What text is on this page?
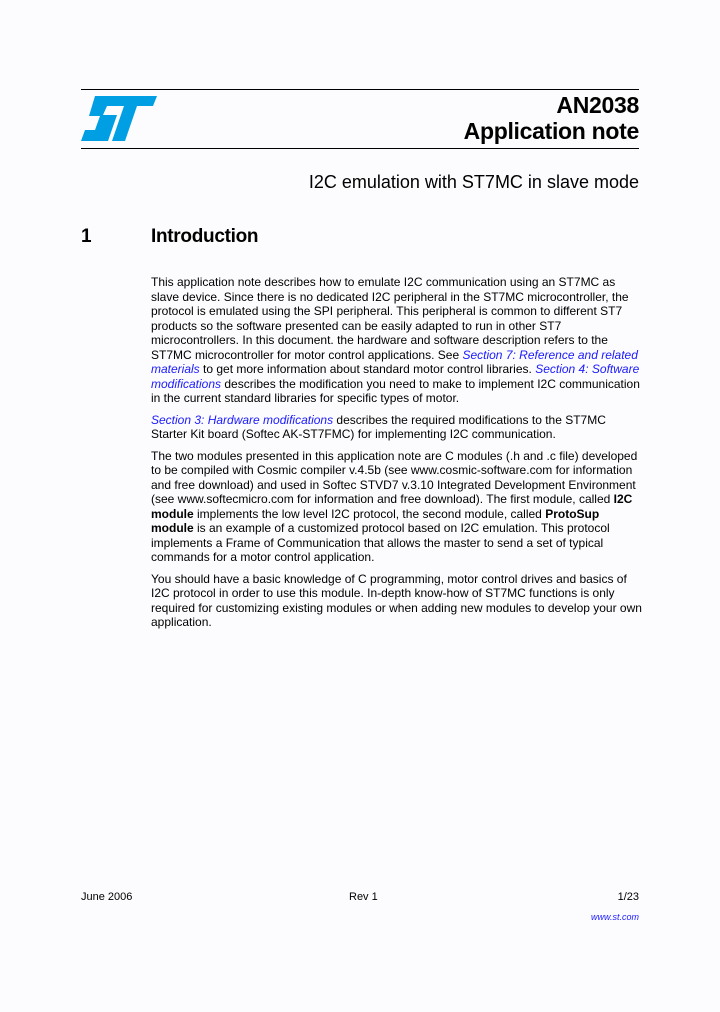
AN2038
Application note
I2C emulation with ST7MC in slave mode
1	Introduction
This application note describes how to emulate I2C communication using an ST7MC as
slave device. Since there is no dedicated I2C peripheral in the ST7MC microcontroller, the
protocol is emulated using the SPI peripheral. This peripheral is common to different ST7
products so the software presented can be easily adapted to run in other ST7
microcontrollers. In this document. the hardware and software description refers to the
ST7MC microcontroller for motor control applications. See Section 7: Reference and related
materials to get more information about standard motor control libraries. Section 4: Software
modifications describes the modification you need to make to implement I2C communication
in the current standard libraries for specific types of motor.
Section 3: Hardware modifications describes the required modifications to the ST7MC
Starter Kit board (Softec AK-ST7FMC) for implementing I2C communication.
The two modules presented in this application note are C modules (.h and .c file) developed
to be compiled with Cosmic compiler v.4.5b (see www.cosmic-software.com for information
and free download) and used in Softec STVD7 v.3.10 Integrated Development Environment
(see www.softecmicro.com for information and free download). The first module, called I2C
module implements the low level I2C protocol, the second module, called ProtoSup
module is an example of a customized protocol based on I2C emulation. This protocol
implements a Frame of Communication that allows the master to send a set of typical
commands for a motor control application.
You should have a basic knowledge of C programming, motor control drives and basics of
I2C protocol in order to use this module. In-depth know-how of ST7MC functions is only
required for customizing existing modules or when adding new modules to develop your own
application.
June 2006	Rev 1	1/23
www.st.com
